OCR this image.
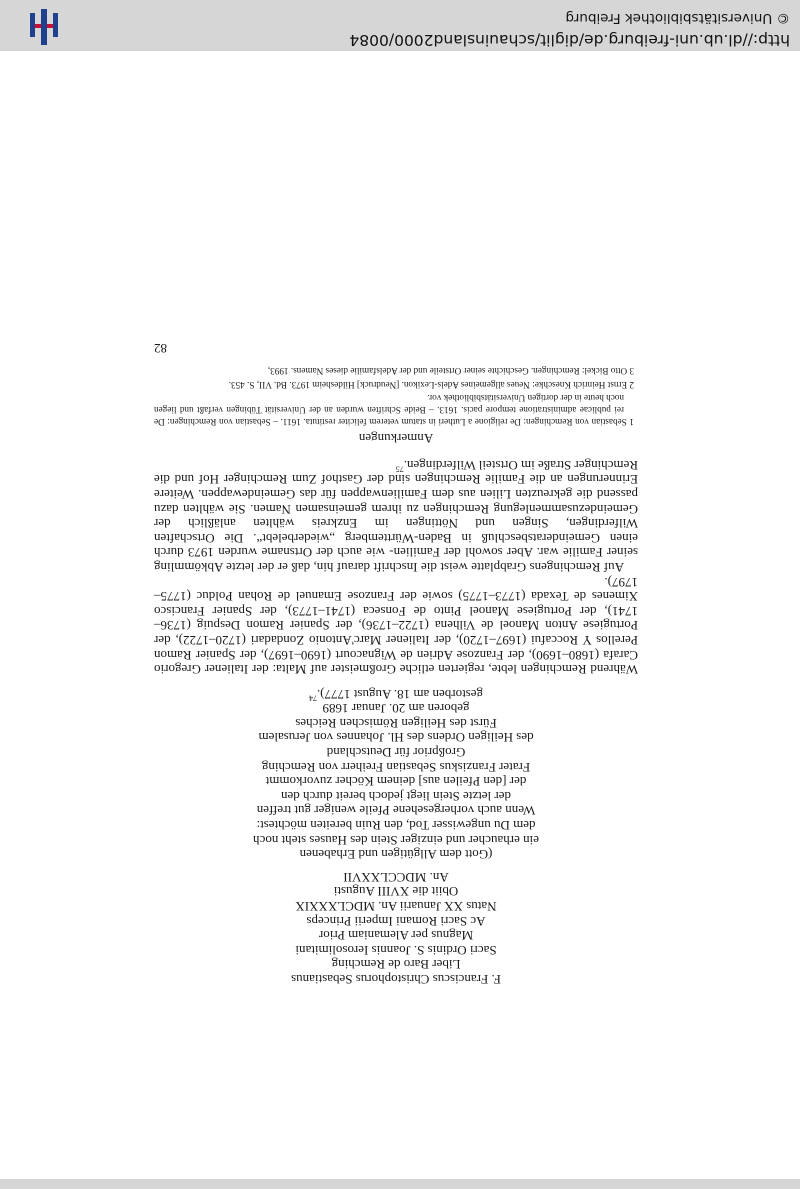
F. Franciscus Christophorus Sebastianus
Liber Baro de Remching
Sacri Ordinis S. Joannis Ierosolimitani
Magnus per Alemaniam Prior
Ac Sacri Romani Imperii Princeps
Natus XX Januarii An. MDCLXXXIX
Obiit die XVIII Augusti
An. MDCCLXXVII
(Gott dem Allgütigen und Erhabenen
ein erhaucher und einziger Stein des Hauses steht noch
dem Du ungewisser Tod, den Ruin bereiten möchtest:
Wenn auch vorhergesehene Pfeile weniger gut treffen
der letzte Stein liegt jedoch bereit durch den
der [den Pfeilen aus] deinem Köcher zuvorkommt
Frater Franziskus Sebastian Freiherr von Remching
Großprior für Deutschland
des Heiligen Ordens des Hl. Johannes von Jerusalem
Fürst des Heiligen Römischen Reiches
geboren am 20. Januar 1689
gestorben am 18. August 1777).$^{74}$

Während Remchingen lebte, regierten etliche Großmeister auf Malta: der Italiener Gregorio Carafa (1680–1690), der Franzose Adrien de Wignacourt (1690–1697), der Spanier Ramon Perellos Y Roccafui (1697–1720), der Italiener Marc'Antonio Zondadari (1720–1722), der Portugiese Anton Manoel de Vilhena (1722–1736), der Spanier Ramon Despuig (1736–1741), der Portugiese Manoel Pinto de Fonseca (1741–1773), der Spanier Francisco Ximenes de Texada (1773–1775) sowie der Franzose Emanuel de Rohan Polduc (1775–1797).

Auf Remchingens Grabplatte weist die Inschrift darauf hin, daß er der letzte Abkömmling seiner Familie war. Aber sowohl der Familien- wie auch der Ortsname wurden 1973 durch einen Gemeinderatsbeschluß in Baden-Württemberg „wiederbelebt“. Die Ortschaften Wilferdingen, Singen und Nöttingen im Enzkreis wählten anläßlich der Gemeindezusammenlegung Remchingen zu ihrem gemeinsamen Namen. Sie wählten dazu passend die gekreuzten Lilien aus dem Familienwappen für das Gemeindewappen. Weitere Erinnerungen an die Familie Remchingen sind der Gasthof Zum Remchinger Hof und die Remchinger Straße im Ortsteil Wilferdingen.$^{75}$

Anmerkungen

1 Sebastian von Remchingen: De religione a Lutheri in statum veterem feliciter restituta. 1611. – Sebastian von Remchingen: De rei publicae administratione tempore pacis. 1613. – Beide Schriften wurden an der Universität Tübingen verfaßt und liegen noch heute in der dortigen Universitätsbibliothek vor.

2 Ernst Heinrich Kneschke: Neues allgemeines Adels-Lexikon. [Neudruck] Hildesheim 1973. Bd. VII, S. 453.

3 Otto Bickel: Remchingen. Geschichte seiner Ortsteile und der Adelsfamilie dieses Namens. 1993,

82
http://dl.ub.uni-freiburg.de/diglit/schauinsland2000/0084
© Universitätsbibliothek Freiburg
